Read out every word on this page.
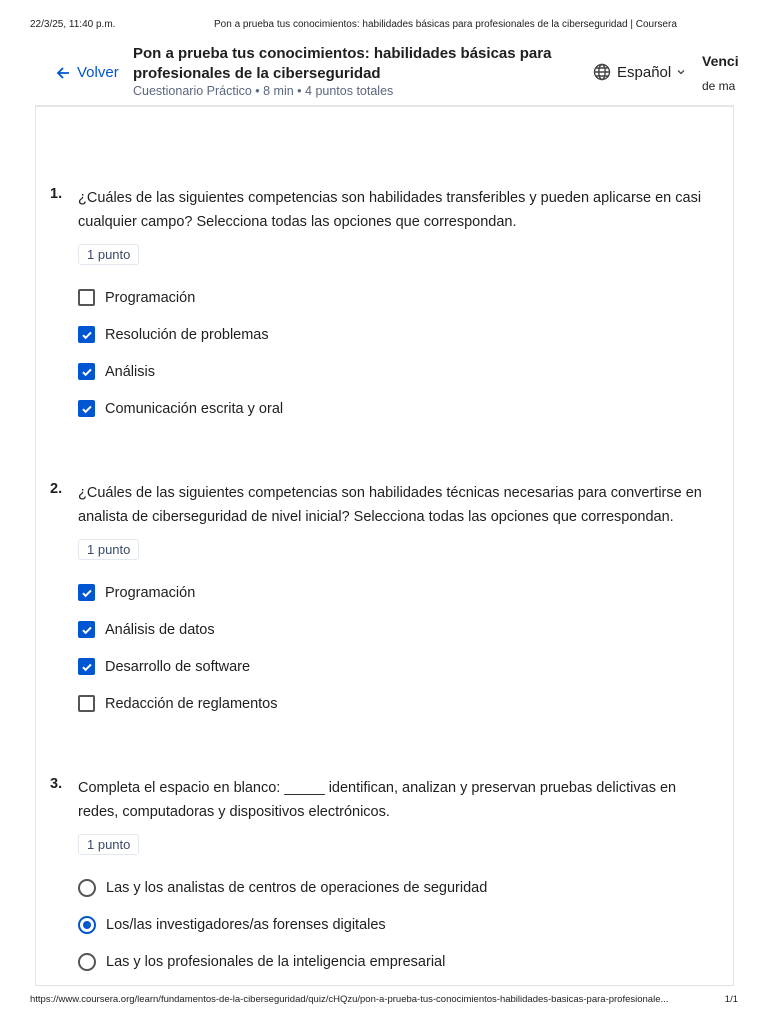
22/3/25, 11:40 p.m.	Pon a prueba tus conocimientos: habilidades básicas para profesionales de la ciberseguridad | Coursera
Volver
Pon a prueba tus conocimientos: habilidades básicas para profesionales de la ciberseguridad
Cuestionario Práctico • 8 min • 4 puntos totales
Español
Venci
de ma
1. ¿Cuáles de las siguientes competencias son habilidades transferibles y pueden aplicarse en casi cualquier campo? Selecciona todas las opciones que correspondan.
1 punto
Programación
Resolución de problemas
Análisis
Comunicación escrita y oral
2. ¿Cuáles de las siguientes competencias son habilidades técnicas necesarias para convertirse en analista de ciberseguridad de nivel inicial? Selecciona todas las opciones que correspondan.
1 punto
Programación
Análisis de datos
Desarrollo de software
Redacción de reglamentos
3. Completa el espacio en blanco: _____ identifican, analizan y preservan pruebas delictivas en redes, computadoras y dispositivos electrónicos.
1 punto
Las y los analistas de centros de operaciones de seguridad
Los/las investigadores/as forenses digitales
Las y los profesionales de la inteligencia empresarial
https://www.coursera.org/learn/fundamentos-de-la-ciberseguridad/quiz/cHQzu/pon-a-prueba-tus-conocimientos-habilidades-basicas-para-profesionale...	1/1
